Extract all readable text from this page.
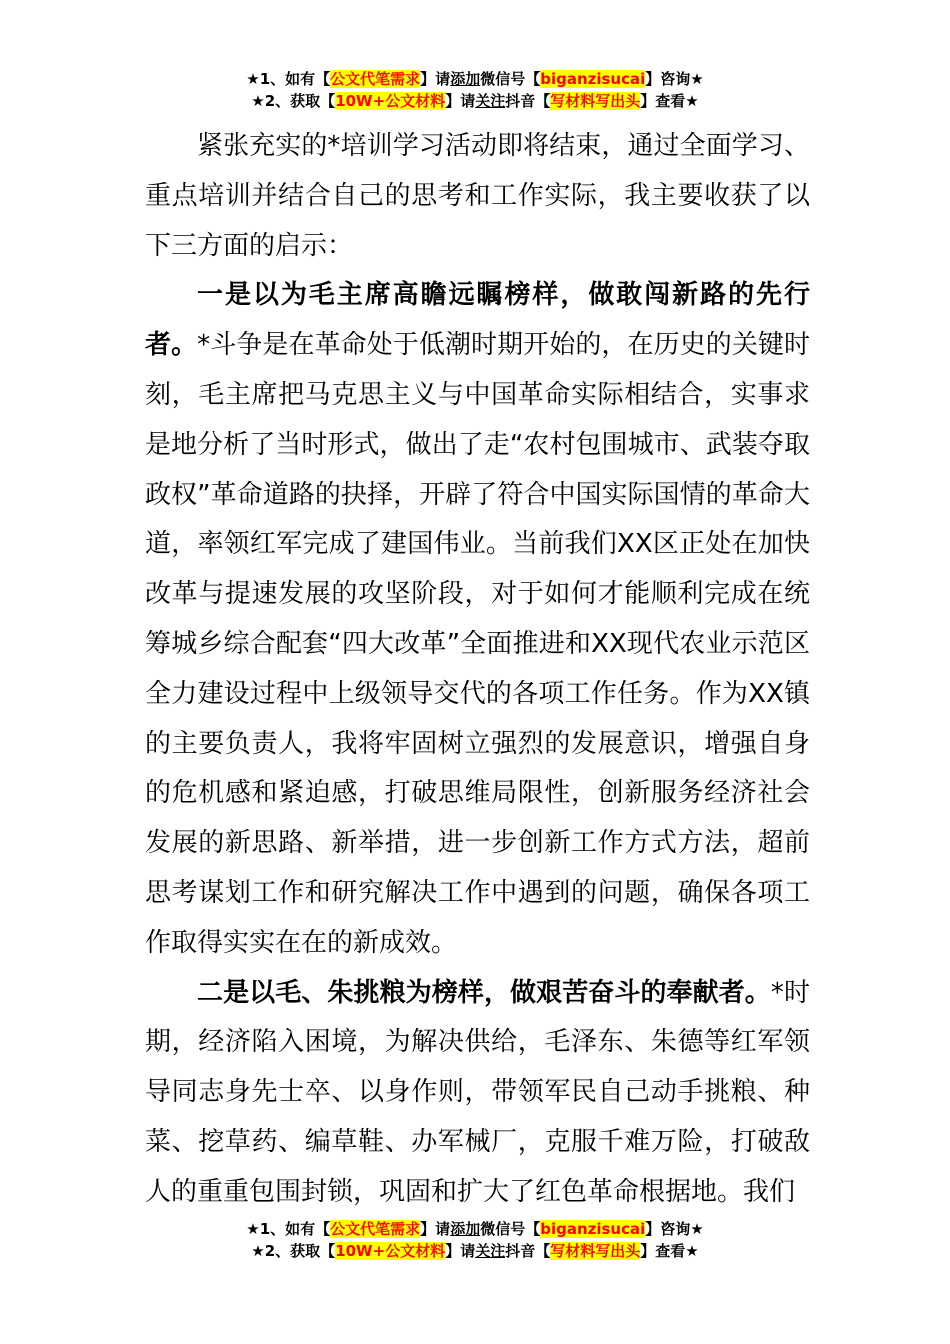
★1、如有【公文代笔需求】请添加微信号【biganzisucai】咨询★
★2、获取【10W+公文材料】请关注抖音【写材料写出头】查看★

紧张充实的*培训学习活动即将结束，通过全面学习、重点培训并结合自己的思考和工作实际，我主要收获了以下三方面的启示：

一是以为毛主席高瞻远瞩榜样，做敢闯新路的先行者。*斗争是在革命处于低潮时期开始的，在历史的关键时刻，毛主席把马克思主义与中国革命实际相结合，实事求是地分析了当时形式，做出了走“农村包围城市、武装夺取政权”革命道路的抉择，开辟了符合中国实际国情的革命大道，率领红军完成了建国伟业。当前我们XX区正处在加快改革与提速发展的攻坚阶段，对于如何才能顺利完成在统筹城乡综合配套“四大改革”全面推进和XX现代农业示范区全力建设过程中上级领导交代的各项工作任务。作为XX镇的主要负责人，我将牢固树立强烈的发展意识，增强自身的危机感和紧迫感，打破思维局限性，创新服务经济社会发展的新思路、新举措，进一步创新工作方式方法，超前思考谋划工作和研究解决工作中遇到的问题，确保各项工作取得实实在在的新成效。

二是以毛、朱挑粮为榜样，做艰苦奋斗的奉献者。*时期，经济陷入困境，为解决供给，毛泽东、朱德等红军领导同志身先士卒、以身作则，带领军民自己动手挑粮、种菜、挖草药、编草鞋、办军械厂，克服千难万险，打破敌人的重重包围封锁，巩固和扩大了红色革命根据地。我们

★1、如有【公文代笔需求】请添加微信号【biganzisucai】咨询★
★2、获取【10W+公文材料】请关注抖音【写材料写出头】查看★
